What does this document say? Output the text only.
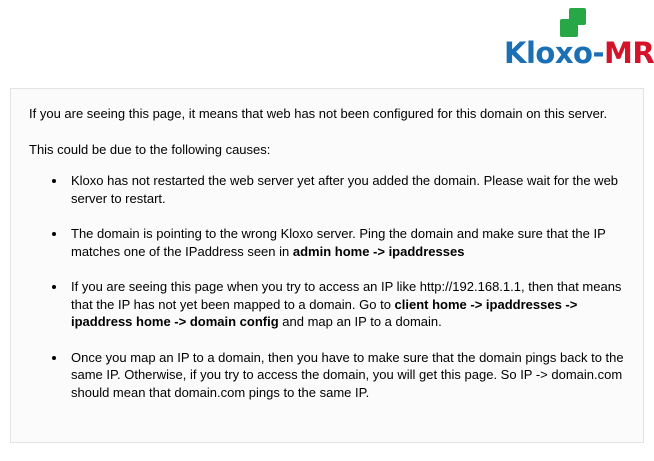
Kloxo-MR

If you are seeing this page, it means that web has not been configured for this domain on this server.

This could be due to the following causes:

• Kloxo has not restarted the web server yet after you added the domain. Please wait for the web server to restart.
• The domain is pointing to the wrong Kloxo server. Ping the domain and make sure that the IP matches one of the IPaddress seen in admin home -> ipaddresses
• If you are seeing this page when you try to access an IP like http://192.168.1.1, then that means that the IP has not yet been mapped to a domain. Go to client home -> ipaddresses -> ipaddress home -> domain config and map an IP to a domain.
• Once you map an IP to a domain, then you have to make sure that the domain pings back to the same IP. Otherwise, if you try to access the domain, you will get this page. So IP -> domain.com should mean that domain.com pings to the same IP.
